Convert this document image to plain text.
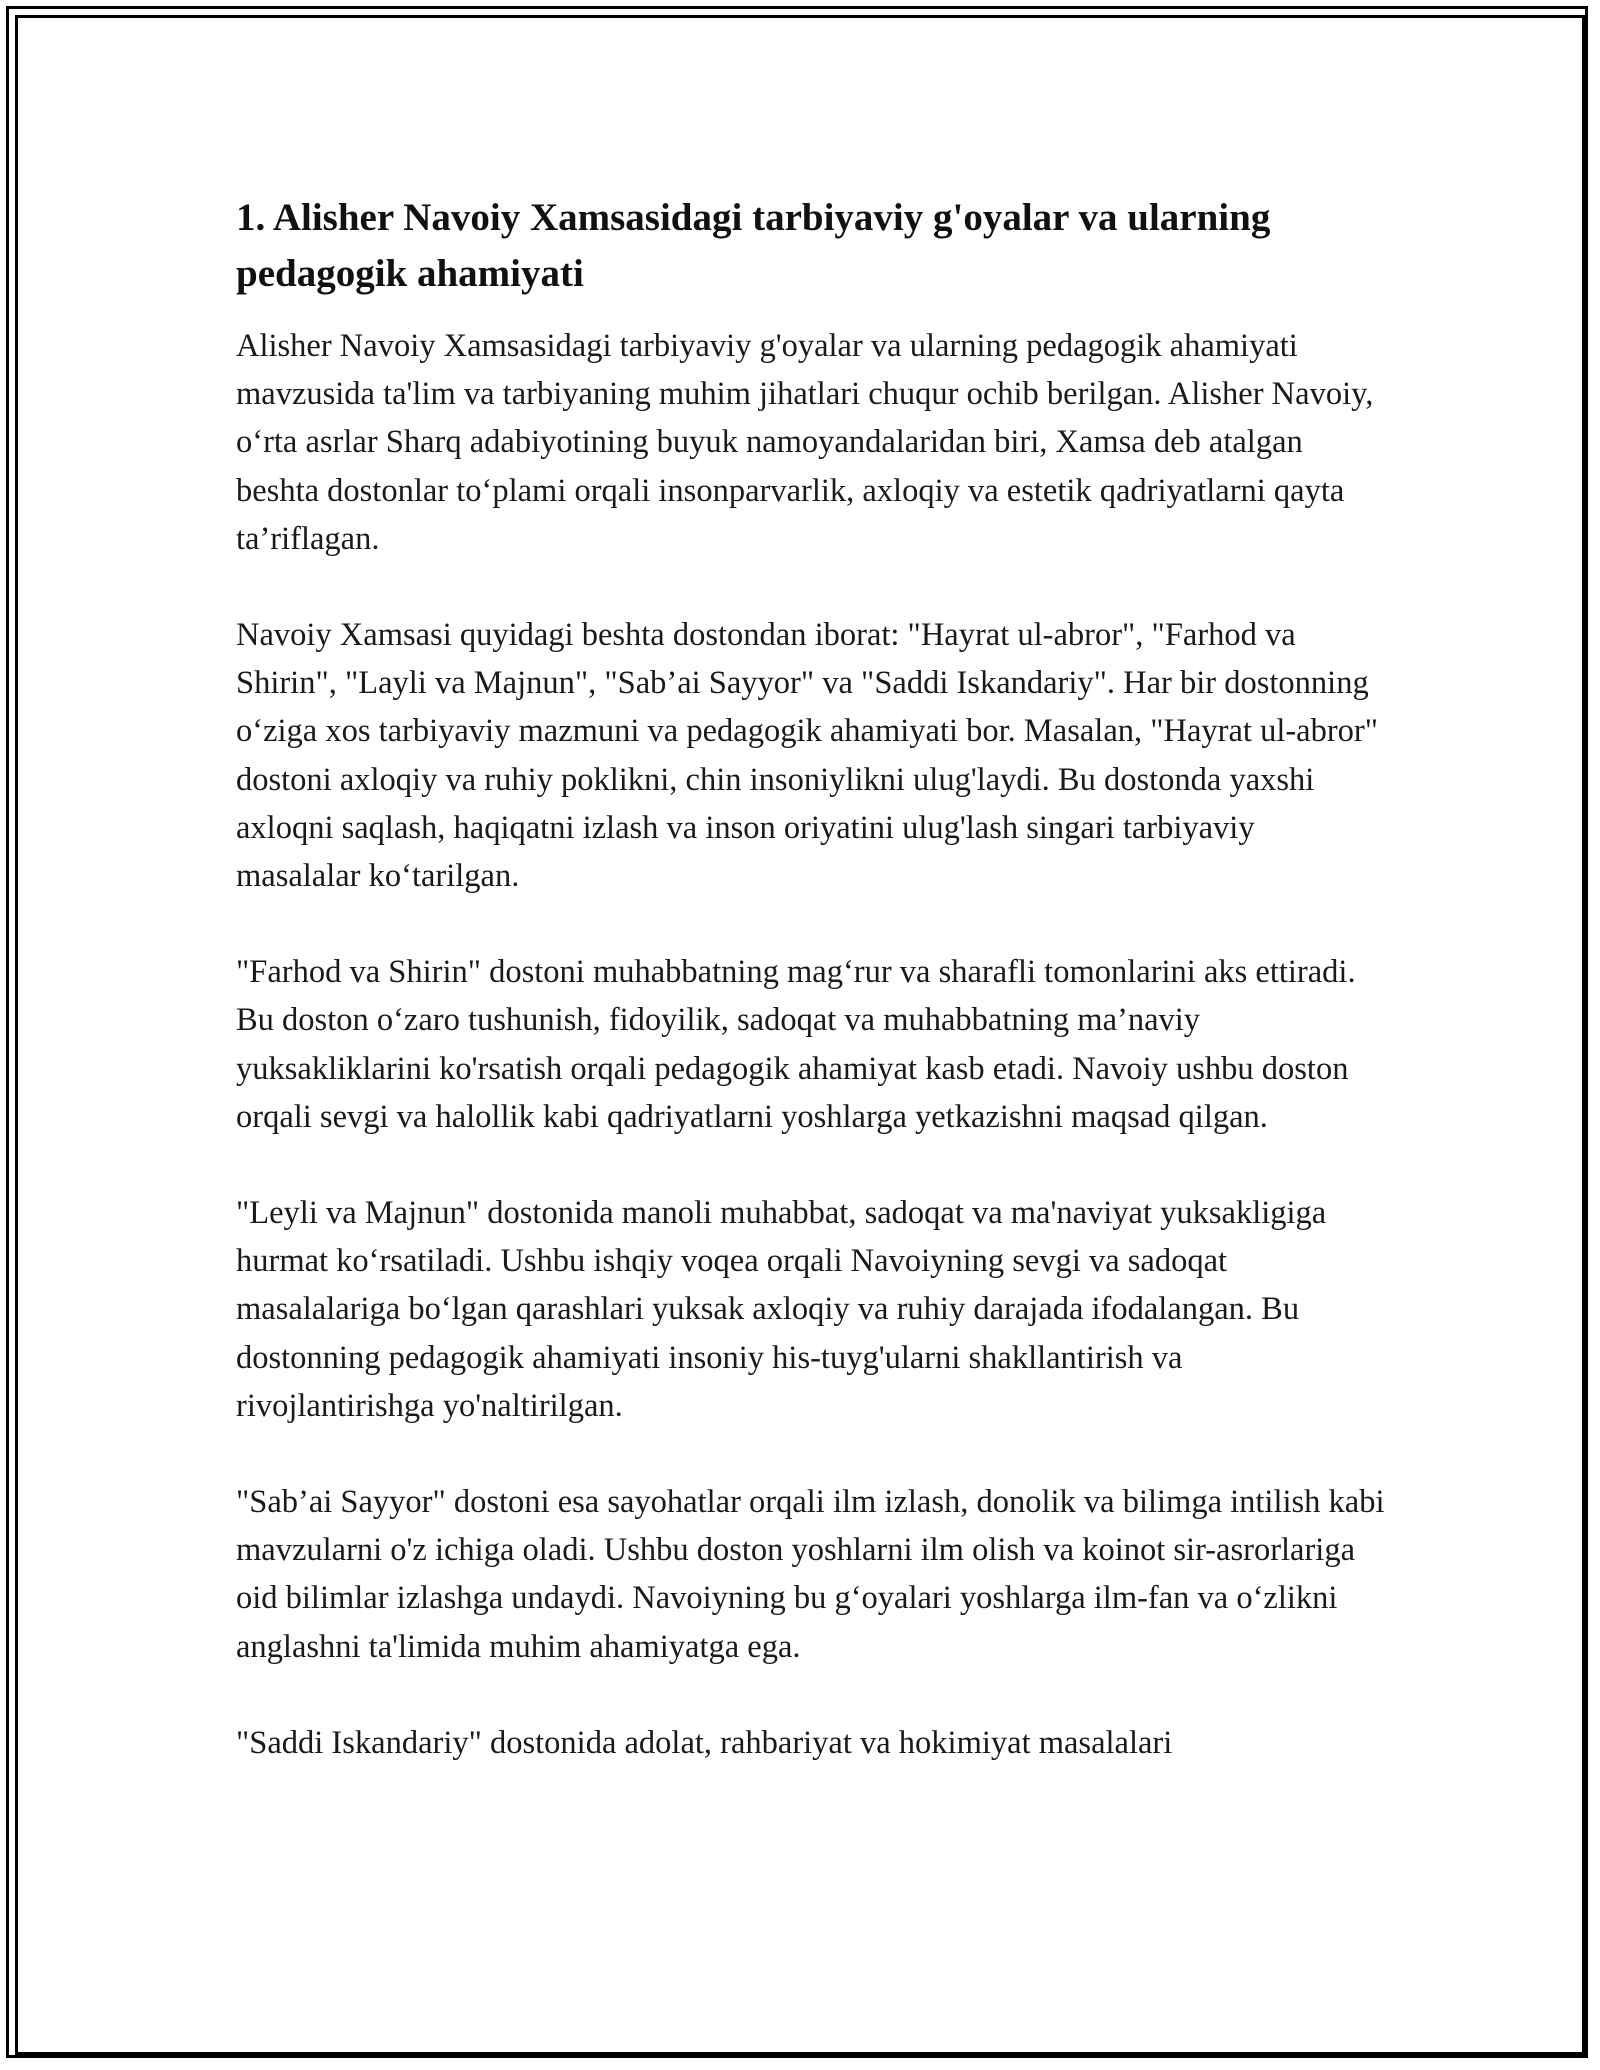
1. Alisher Navoiy Xamsasidagi tarbiyaviy g'oyalar va ularning pedagogik ahamiyati

Alisher Navoiy Xamsasidagi tarbiyaviy g'oyalar va ularning pedagogik ahamiyati mavzusida ta'lim va tarbiyaning muhim jihatlari chuqur ochib berilgan. Alisher Navoiy, o‘rta asrlar Sharq adabiyotining buyuk namoyandalaridan biri, Xamsa deb atalgan beshta dostonlar to‘plami orqali insonparvarlik, axloqiy va estetik qadriyatlarni qayta ta’riflagan.

Navoiy Xamsasi quyidagi beshta dostondan iborat: "Hayrat ul-abror", "Farhod va Shirin", "Layli va Majnun", "Sab’ai Sayyor" va "Saddi Iskandariy". Har bir dostonning o‘ziga xos tarbiyaviy mazmuni va pedagogik ahamiyati bor. Masalan, "Hayrat ul-abror" dostoni axloqiy va ruhiy poklikni, chin insoniylikni ulug'laydi. Bu dostonda yaxshi axloqni saqlash, haqiqatni izlash va inson oriyatini ulug'lash singari tarbiyaviy masalalar ko‘tarilgan.

"Farhod va Shirin" dostoni muhabbatning mag‘rur va sharafli tomonlarini aks ettiradi. Bu doston o‘zaro tushunish, fidoyilik, sadoqat va muhabbatning ma’naviy yuksakliklarini ko'rsatish orqali pedagogik ahamiyat kasb etadi. Navoiy ushbu doston orqali sevgi va halollik kabi qadriyatlarni yoshlarga yetkazishni maqsad qilgan.

"Leyli va Majnun" dostonida manoli muhabbat, sadoqat va ma'naviyat yuksakligiga hurmat ko‘rsatiladi. Ushbu ishqiy voqea orqali Navoiyning sevgi va sadoqat masalalariga bo‘lgan qarashlari yuksak axloqiy va ruhiy darajada ifodalangan. Bu dostonning pedagogik ahamiyati insoniy his-tuyg'ularni shakllantirish va rivojlantirishga yo'naltirilgan.

"Sab’ai Sayyor" dostoni esa sayohatlar orqali ilm izlash, donolik va bilimga intilish kabi mavzularni o'z ichiga oladi. Ushbu doston yoshlarni ilm olish va koinot sir-asrorlariga oid bilimlar izlashga undaydi. Navoiyning bu g‘oyalari yoshlarga ilm-fan va o‘zlikni anglashni ta'limida muhim ahamiyatga ega.

"Saddi Iskandariy" dostonida adolat, rahbariyat va hokimiyat masalalari
